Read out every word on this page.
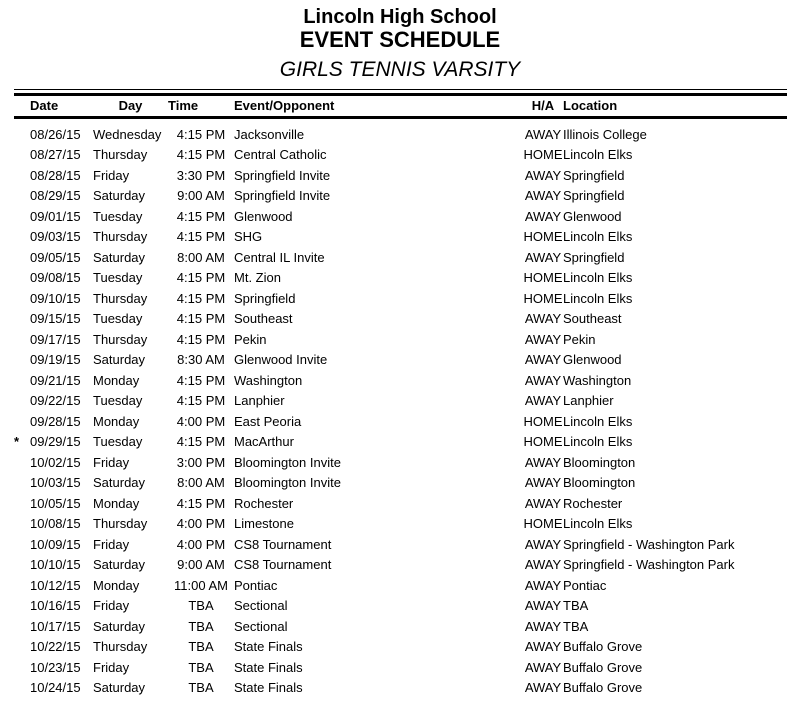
Lincoln High School
EVENT SCHEDULE
GIRLS TENNIS VARSITY
	Date	Day	Time	Event/Opponent	H/A	Location

	08/26/15	Wednesday	4:15 PM	Jacksonville	AWAY	Illinois College
	08/27/15	Thursday	4:15 PM	Central Catholic	HOME	Lincoln Elks
	08/28/15	Friday	3:30 PM	Springfield Invite	AWAY	Springfield
	08/29/15	Saturday	9:00 AM	Springfield Invite	AWAY	Springfield
	09/01/15	Tuesday	4:15 PM	Glenwood	AWAY	Glenwood
	09/03/15	Thursday	4:15 PM	SHG	HOME	Lincoln Elks
	09/05/15	Saturday	8:00 AM	Central IL Invite	AWAY	Springfield
	09/08/15	Tuesday	4:15 PM	Mt. Zion	HOME	Lincoln Elks
	09/10/15	Thursday	4:15 PM	Springfield	HOME	Lincoln Elks
	09/15/15	Tuesday	4:15 PM	Southeast	AWAY	Southeast
	09/17/15	Thursday	4:15 PM	Pekin	AWAY	Pekin
	09/19/15	Saturday	8:30 AM	Glenwood Invite	AWAY	Glenwood
	09/21/15	Monday	4:15 PM	Washington	AWAY	Washington
	09/22/15	Tuesday	4:15 PM	Lanphier	AWAY	Lanphier
	09/28/15	Monday	4:00 PM	East Peoria	HOME	Lincoln Elks
*	09/29/15	Tuesday	4:15 PM	MacArthur	HOME	Lincoln Elks
	10/02/15	Friday	3:00 PM	Bloomington Invite	AWAY	Bloomington
	10/03/15	Saturday	8:00 AM	Bloomington Invite	AWAY	Bloomington
	10/05/15	Monday	4:15 PM	Rochester	AWAY	Rochester
	10/08/15	Thursday	4:00 PM	Limestone	HOME	Lincoln Elks
	10/09/15	Friday	4:00 PM	CS8 Tournament	AWAY	Springfield - Washington Park
	10/10/15	Saturday	9:00 AM	CS8 Tournament	AWAY	Springfield - Washington Park
	10/12/15	Monday	11:00 AM	Pontiac	AWAY	Pontiac
	10/16/15	Friday	TBA	Sectional	AWAY	TBA
	10/17/15	Saturday	TBA	Sectional	AWAY	TBA
	10/22/15	Thursday	TBA	State Finals	AWAY	Buffalo Grove
	10/23/15	Friday	TBA	State Finals	AWAY	Buffalo Grove
	10/24/15	Saturday	TBA	State Finals	AWAY	Buffalo Grove
